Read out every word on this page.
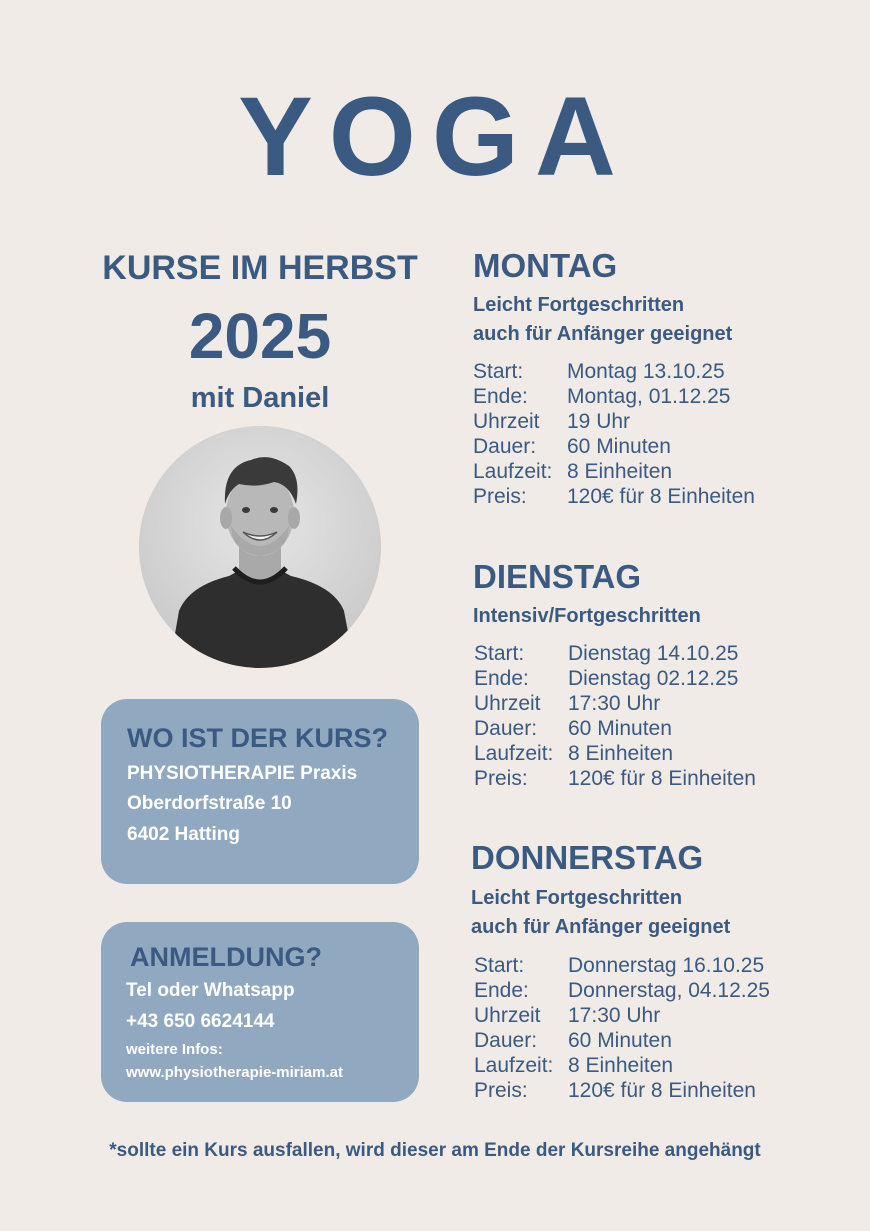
YOGA
KURSE IM HERBST
2025
mit Daniel
WO IST DER KURS?
PHYSIOTHERAPIE Praxis
Oberdorfstraße 10
6402 Hatting
ANMELDUNG?
Tel oder Whatsapp
+43 650 6624144
weitere Infos:
www.physiotherapie-miriam.at
MONTAG
Leicht Fortgeschritten
auch für Anfänger geeignet
Start: Montag 13.10.25
Ende: Montag, 01.12.25
Uhrzeit 19 Uhr
Dauer: 60 Minuten
Laufzeit: 8 Einheiten
Preis: 120€ für 8 Einheiten
DIENSTAG
Intensiv/Fortgeschritten
Start: Dienstag 14.10.25
Ende: Dienstag 02.12.25
Uhrzeit 17:30 Uhr
Dauer: 60 Minuten
Laufzeit: 8 Einheiten
Preis: 120€ für 8 Einheiten
DONNERSTAG
Leicht Fortgeschritten
auch für Anfänger geeignet
Start: Donnerstag 16.10.25
Ende: Donnerstag, 04.12.25
Uhrzeit 17:30 Uhr
Dauer: 60 Minuten
Laufzeit: 8 Einheiten
Preis: 120€ für 8 Einheiten
*sollte ein Kurs ausfallen, wird dieser am Ende der Kursreihe angehängt
